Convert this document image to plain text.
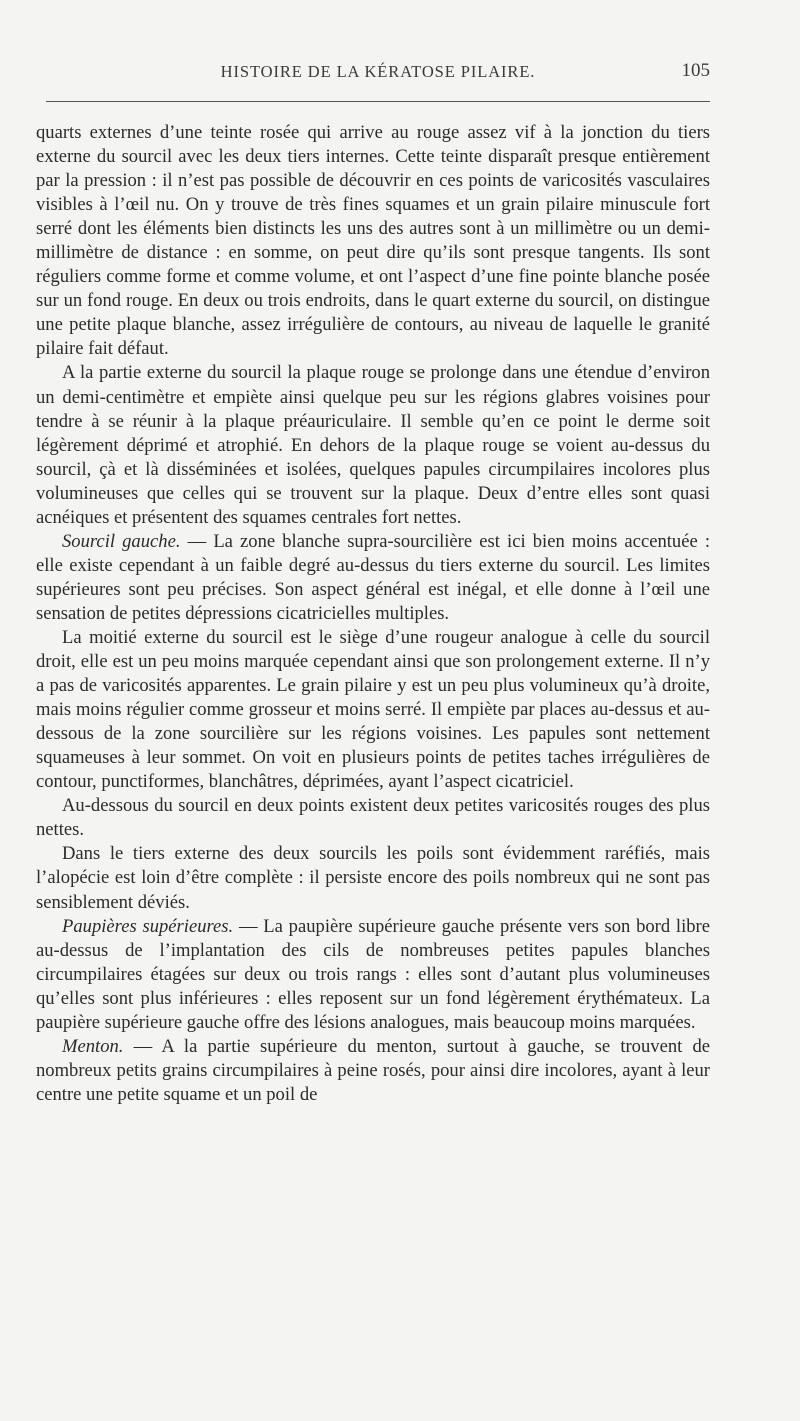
HISTOIRE DE LA KÉRATOSE PILAIRE.	105

quarts externes d’une teinte rosée qui arrive au rouge assez vif à la jonction du tiers externe du sourcil avec les deux tiers internes. Cette teinte disparaît presque entièrement par la pression : il n’est pas possible de découvrir en ces points de varicosités vasculaires visibles à l’œil nu. On y trouve de très fines squames et un grain pilaire minuscule fort serré dont les éléments bien distincts les uns des autres sont à un millimètre ou un demi-millimètre de distance : en somme, on peut dire qu’ils sont presque tangents. Ils sont réguliers comme forme et comme volume, et ont l’aspect d’une fine pointe blanche posée sur un fond rouge. En deux ou trois endroits, dans le quart externe du sourcil, on distingue une petite plaque blanche, assez irrégulière de contours, au niveau de laquelle le granité pilaire fait défaut.

A la partie externe du sourcil la plaque rouge se prolonge dans une étendue d’environ un demi-centimètre et empiète ainsi quelque peu sur les régions glabres voisines pour tendre à se réunir à la plaque préauriculaire. Il semble qu’en ce point le derme soit légèrement déprimé et atrophié. En dehors de la plaque rouge se voient au-dessus du sourcil, çà et là disséminées et isolées, quelques papules circumpilaires incolores plus volumineuses que celles qui se trouvent sur la plaque. Deux d’entre elles sont quasi acnéiques et présentent des squames centrales fort nettes.

Sourcil gauche. — La zone blanche supra-sourcilière est ici bien moins accentuée : elle existe cependant à un faible degré au-dessus du tiers externe du sourcil. Les limites supérieures sont peu précises. Son aspect général est inégal, et elle donne à l’œil une sensation de petites dépressions cicatricielles multiples.

La moitié externe du sourcil est le siège d’une rougeur analogue à celle du sourcil droit, elle est un peu moins marquée cependant ainsi que son prolongement externe. Il n’y a pas de varicosités apparentes. Le grain pilaire y est un peu plus volumineux qu’à droite, mais moins régulier comme grosseur et moins serré. Il empiète par places au-dessus et au-dessous de la zone sourcilière sur les régions voisines. Les papules sont nettement squameuses à leur sommet. On voit en plusieurs points de petites taches irrégulières de contour, punctiformes, blanchâtres, déprimées, ayant l’aspect cicatriciel.

Au-dessous du sourcil en deux points existent deux petites varicosités rouges des plus nettes.

Dans le tiers externe des deux sourcils les poils sont évidemment raréfiés, mais l’alopécie est loin d’être complète : il persiste encore des poils nombreux qui ne sont pas sensiblement déviés.

Paupières supérieures. — La paupière supérieure gauche présente vers son bord libre au-dessus de l’implantation des cils de nombreuses petites papules blanches circumpilaires étagées sur deux ou trois rangs : elles sont d’autant plus volumineuses qu’elles sont plus inférieures : elles reposent sur un fond légèrement érythémateux. La paupière supérieure gauche offre des lésions analogues, mais beaucoup moins marquées.

Menton. — A la partie supérieure du menton, surtout à gauche, se trouvent de nombreux petits grains circumpilaires à peine rosés, pour ainsi dire incolores, ayant à leur centre une petite squame et un poil de
